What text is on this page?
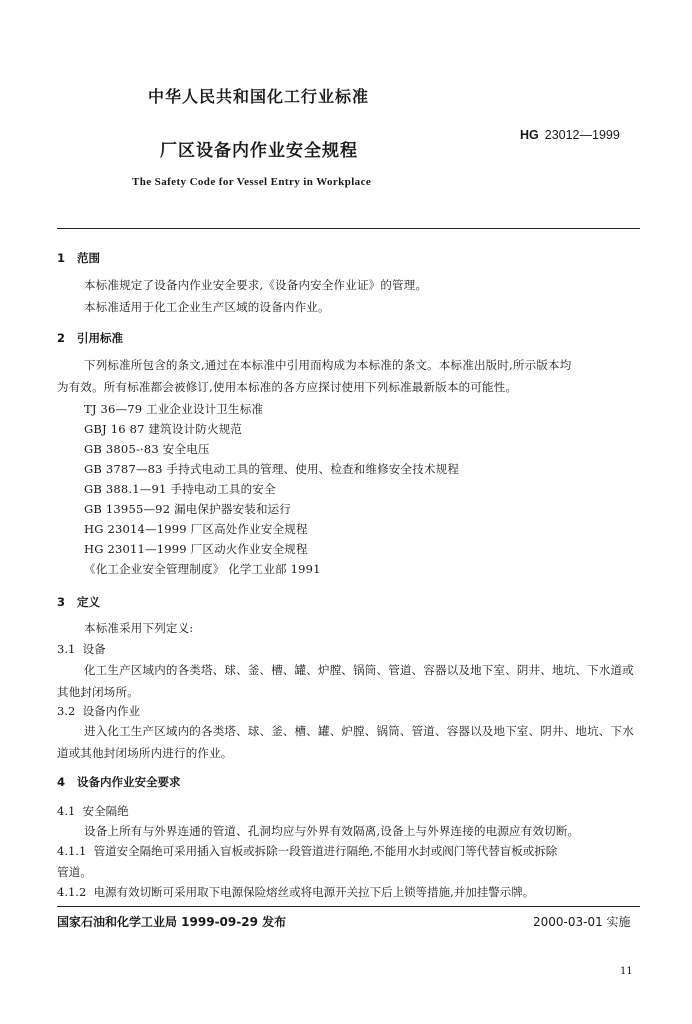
中华人民共和国化工行业标准
HG 23012—1999
厂区设备内作业安全规程
The Safety Code for Vessel Entry in Workplace
1 范围
本标准规定了设备内作业安全要求,《设备内安全作业证》的管理。
本标准适用于化工企业生产区域的设备内作业。
2 引用标准
下列标准所包含的条文,通过在本标准中引用而构成为本标准的条文。本标准出版时,所示版本均
为有效。所有标准都会被修订,使用本标准的各方应探讨使用下列标准最新版本的可能性。
TJ 36—79 工业企业设计卫生标准
GBJ 16 87 建筑设计防火规范
GB 3805-·83 安全电压
GB 3787—83 手持式电动工具的管理、使用、检查和维修安全技术规程
GB 388.1—91 手持电动工具的安全
GB 13955—92 漏电保护器安装和运行
HG 23014—1999 厂区高处作业安全规程
HG 23011—1999 厂区动火作业安全规程
《化工企业安全管理制度》 化学工业部 1991
3 定义
本标准采用下列定义:
3.1 设备
化工生产区域内的各类塔、球、釜、槽、罐、炉膛、锅筒、管道、容器以及地下室、阴井、地坑、下水道或
其他封闭场所。
3.2 设备内作业
进入化工生产区域内的各类塔、球、釜、槽、罐、炉膛、锅筒、管道、容器以及地下室、阴井、地坑、下水
道或其他封闭场所内进行的作业。
4 设备内作业安全要求
4.1 安全隔绝
设备上所有与外界连通的管道、孔洞均应与外界有效隔离,设备上与外界连接的电源应有效切断。
4.1.1 管道安全隔绝可采用插入盲板或拆除一段管道进行隔绝,不能用水封或阀门等代替盲板或拆除
管道。
4.1.2 电源有效切断可采用取下电源保险熔丝或将电源开关拉下后上锁等措施,并加挂警示牌。
国家石油和化学工业局 1999-09-29 发布	2000-03-01 实施
11
